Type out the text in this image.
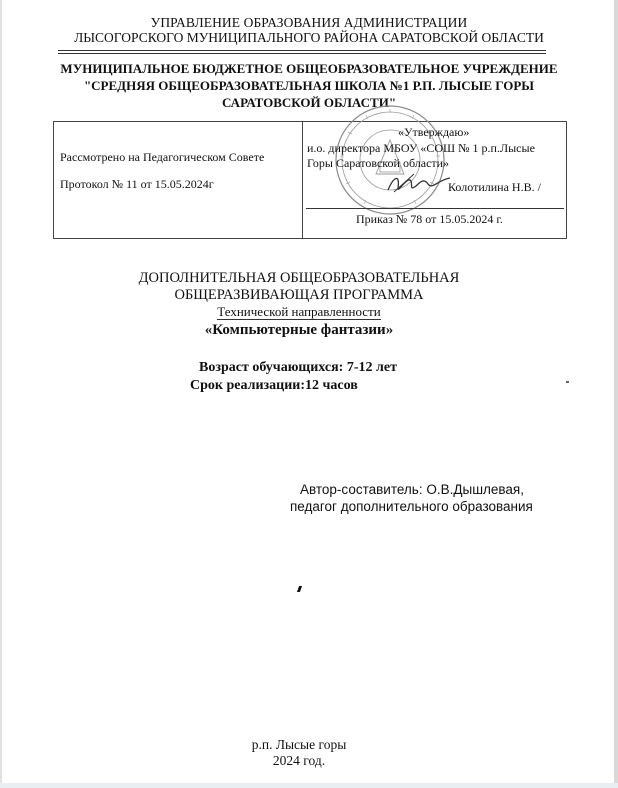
УПРАВЛЕНИЕ ОБРАЗОВАНИЯ АДМИНИСТРАЦИИ
ЛЫСОГОРСКОГО МУНИЦИПАЛЬНОГО РАЙОНА САРАТОВСКОЙ ОБЛАСТИ
МУНИЦИПАЛЬНОЕ БЮДЖЕТНОЕ ОБЩЕОБРАЗОВАТЕЛЬНОЕ УЧРЕЖДЕНИЕ
"СРЕДНЯЯ ОБЩЕОБРАЗОВАТЕЛЬНАЯ ШКОЛА №1 Р.П. ЛЫСЫЕ ГОРЫ
САРАТОВСКОЙ ОБЛАСТИ"
Рассмотрено на Педагогическом Совете
Протокол № 11 от 15.05.2024г
«Утверждаю»
и.о. директора МБОУ «СОШ № 1 р.п.Лысые
Горы Саратовской области»
Колотилина Н.В. /
Приказ № 78 от 15.05.2024 г.
ДОПОЛНИТЕЛЬНАЯ ОБЩЕОБРАЗОВАТЕЛЬНАЯ
ОБЩЕРАЗВИВАЮЩАЯ ПРОГРАММА
Технической направленности
«Компьютерные фантазии»
Возраст обучающихся: 7-12 лет
Срок реализации:12 часов
Автор-составитель: О.В.Дышлевая,
педагог дополнительного образования
р.п. Лысые горы
2024 год.
